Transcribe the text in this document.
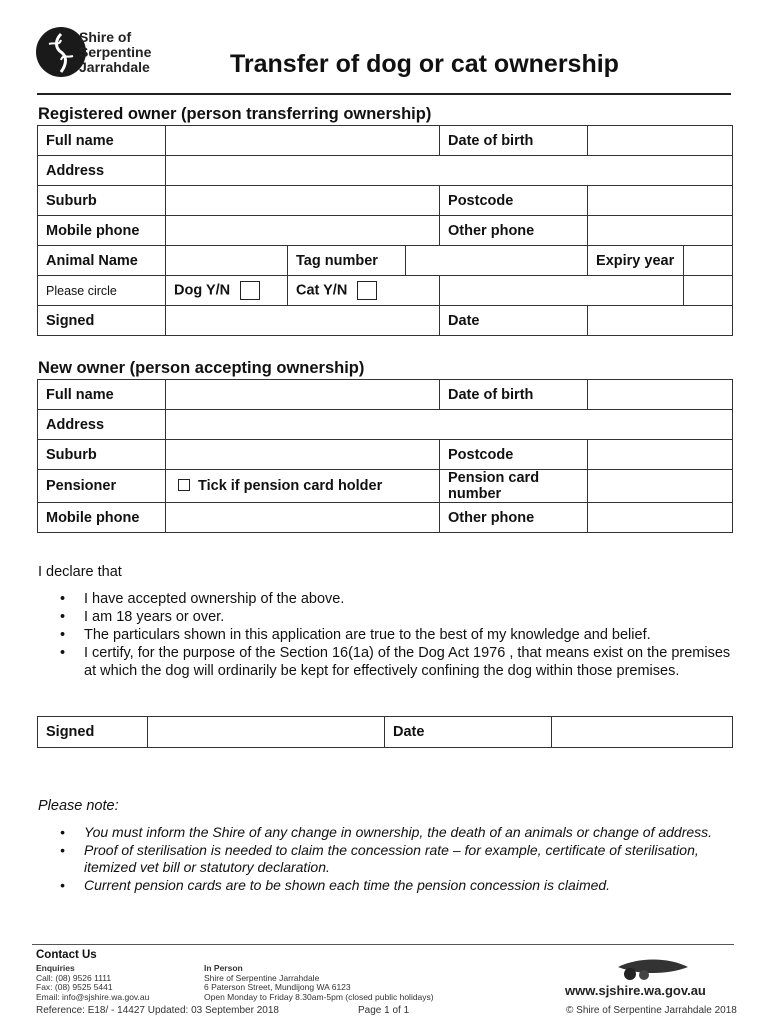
Shire of
Serpentine
Jarrahdale	Transfer of dog or cat ownership
Registered owner (person transferring ownership)
Full name				Date of birth		
Address						
Suburb				Postcode		
Mobile phone				Other phone		
Animal Name		Tag number			Expiry year	
Please circle	Dog Y/N	Cat Y/N				
Signed				Date		
New owner (person accepting ownership)
Full name		Date of birth	
Address			
Suburb		Postcode	
Pensioner	Tick if pension card holder	Pension card number	
Mobile phone		Other phone	
I declare that
• I have accepted ownership of the above.
• I am 18 years or over.
• The particulars shown in this application are true to the best of my knowledge and belief.
• I certify, for the purpose of the Section 16(1a) of the Dog Act 1976 , that means exist on the premises at which the dog will ordinarily be kept for effectively confining the dog within those premises.
Signed		Date	
Please note:
• You must inform the Shire of any change in ownership, the death of an animals or change of address.
• Proof of sterilisation is needed to claim the concession rate – for example, certificate of sterilisation, itemized vet bill or statutory declaration.
• Current pension cards are to be shown each time the pension concession is claimed.
Contact Us
Enquiries
Call: (08) 9526 1111
Fax: (08) 9525 5441
Email: info@sjshire.wa.gov.au
In Person
Shire of Serpentine Jarrahdale
6 Paterson Street, Mundijong WA 6123
Open Monday to Friday 8.30am-5pm (closed public holidays)	www.sjshire.wa.gov.au
Reference: E18/ - 14427 Updated: 03 September 2018	Page 1 of 1	© Shire of Serpentine Jarrahdale 2018
